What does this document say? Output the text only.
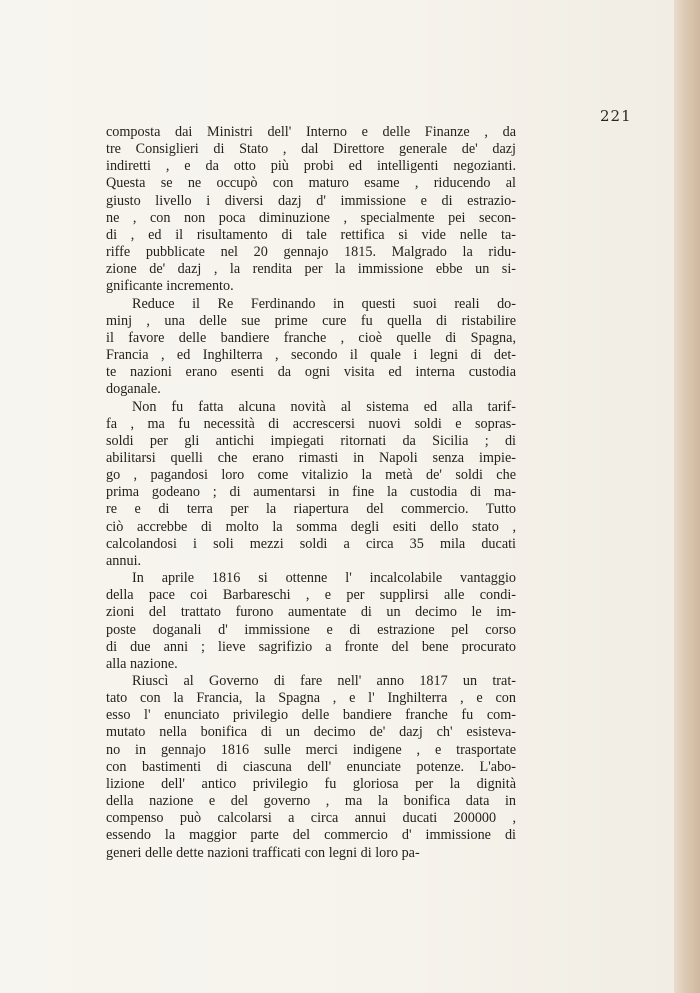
221
composta dai Ministri dell' Interno e delle Finanze , da
tre Consiglieri di Stato , dal Direttore generale de' dazj
indiretti , e da otto più probi ed intelligenti negozianti.
Questa se ne occupò con maturo esame , riducendo al
giusto livello i diversi dazj d' immissione e di estrazio-
ne , con non poca diminuzione , specialmente pei secon-
di , ed il risultamento di tale rettifica si vide nelle ta-
riffe pubblicate nel 20 gennajo 1815. Malgrado la ridu-
zione de' dazj , la rendita per la immissione ebbe un si-
gnificante incremento.
Reduce il Re Ferdinando in questi suoi reali do-
minj , una delle sue prime cure fu quella di ristabilire
il favore delle bandiere franche , cioè quelle di Spagna,
Francia , ed Inghilterra , secondo il quale i legni di det-
te nazioni erano esenti da ogni visita ed interna custodia
doganale.
Non fu fatta alcuna novità al sistema ed alla tarif-
fa , ma fu necessità di accrescersi nuovi soldi e sopras-
soldi per gli antichi impiegati ritornati da Sicilia ; di
abilitarsi quelli che erano rimasti in Napoli senza impie-
go , pagandosi loro come vitalizio la metà de' soldi che
prima godeano ; di aumentarsi in fine la custodia di ma-
re e di terra per la riapertura del commercio. Tutto
ciò accrebbe di molto la somma degli esiti dello stato ,
calcolandosi i soli mezzi soldi a circa 35 mila ducati
annui.
In aprile 1816 si ottenne l' incalcolabile vantaggio
della pace coi Barbareschi , e per supplirsi alle condi-
zioni del trattato furono aumentate di un decimo le im-
poste doganali d' immissione e di estrazione pel corso
di due anni ; lieve sagrifizio a fronte del bene procurato
alla nazione.
Riuscì al Governo di fare nell' anno 1817 un trat-
tato con la Francia, la Spagna , e l' Inghilterra , e con
esso l' enunciato privilegio delle bandiere franche fu com-
mutato nella bonifica di un decimo de' dazj ch' esisteva-
no in gennajo 1816 sulle merci indigene , e trasportate
con bastimenti di ciascuna dell' enunciate potenze. L'abo-
lizione dell' antico privilegio fu gloriosa per la dignità
della nazione e del governo , ma la bonifica data in
compenso può calcolarsi a circa annui ducati 200000 ,
essendo la maggior parte del commercio d' immissione di
generi delle dette nazioni trafficati con legni di loro pa-
